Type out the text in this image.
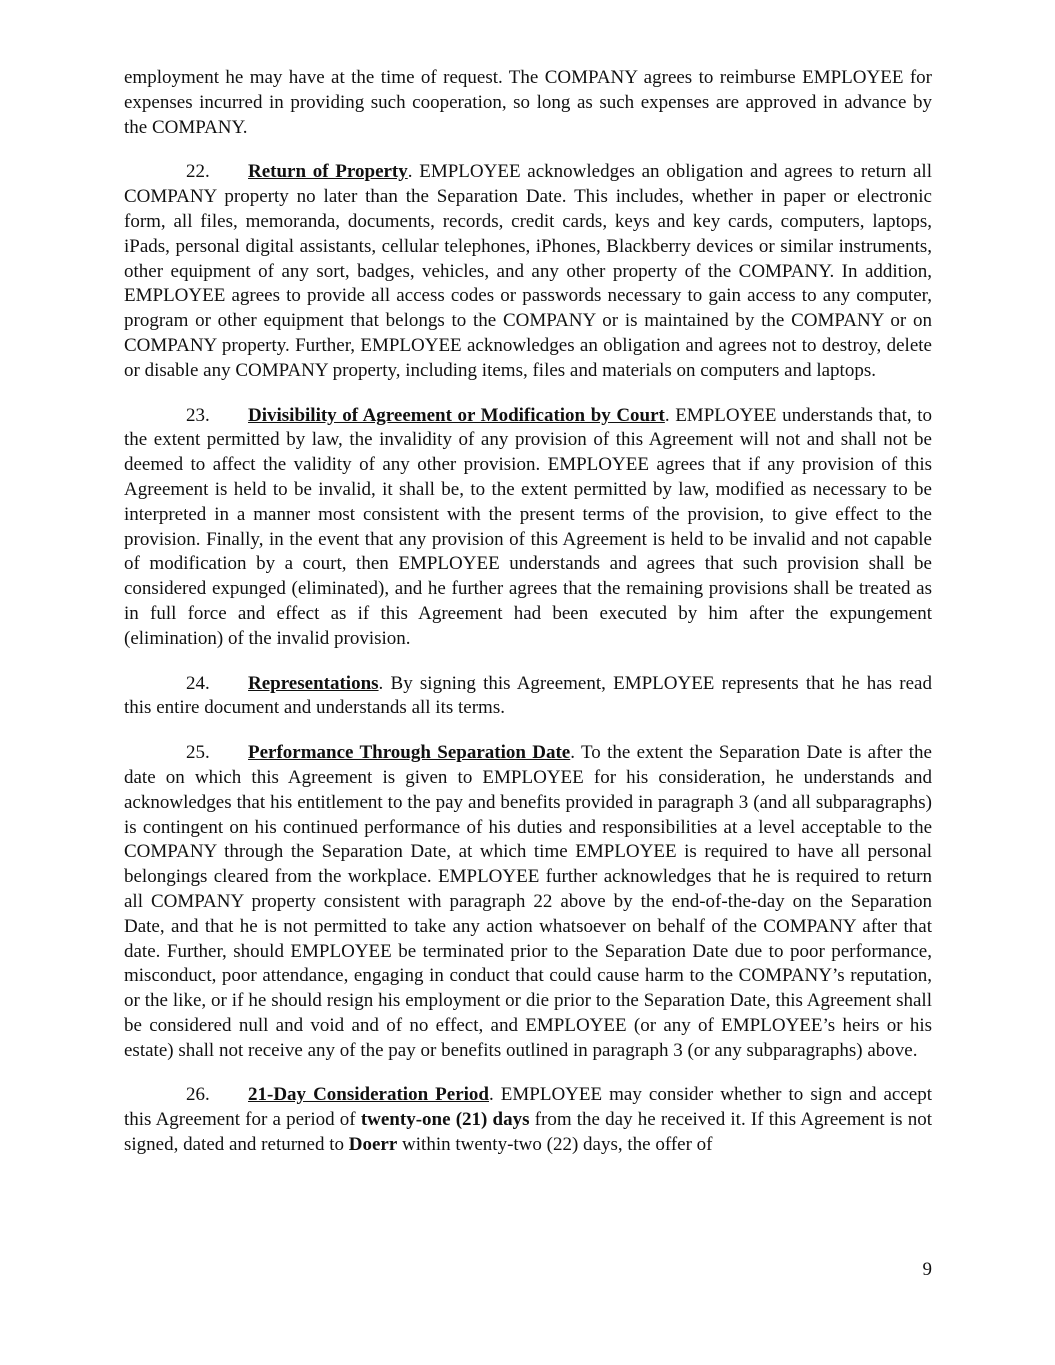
employment he may have at the time of request. The COMPANY agrees to reimburse EMPLOYEE for expenses incurred in providing such cooperation, so long as such expenses are approved in advance by the COMPANY.

22. Return of Property. EMPLOYEE acknowledges an obligation and agrees to return all COMPANY property no later than the Separation Date. This includes, whether in paper or electronic form, all files, memoranda, documents, records, credit cards, keys and key cards, computers, laptops, iPads, personal digital assistants, cellular telephones, iPhones, Blackberry devices or similar instruments, other equipment of any sort, badges, vehicles, and any other property of the COMPANY. In addition, EMPLOYEE agrees to provide all access codes or passwords necessary to gain access to any computer, program or other equipment that belongs to the COMPANY or is maintained by the COMPANY or on COMPANY property. Further, EMPLOYEE acknowledges an obligation and agrees not to destroy, delete or disable any COMPANY property, including items, files and materials on computers and laptops.

23. Divisibility of Agreement or Modification by Court. EMPLOYEE understands that, to the extent permitted by law, the invalidity of any provision of this Agreement will not and shall not be deemed to affect the validity of any other provision. EMPLOYEE agrees that if any provision of this Agreement is held to be invalid, it shall be, to the extent permitted by law, modified as necessary to be interpreted in a manner most consistent with the present terms of the provision, to give effect to the provision. Finally, in the event that any provision of this Agreement is held to be invalid and not capable of modification by a court, then EMPLOYEE understands and agrees that such provision shall be considered expunged (eliminated), and he further agrees that the remaining provisions shall be treated as in full force and effect as if this Agreement had been executed by him after the expungement (elimination) of the invalid provision.

24. Representations. By signing this Agreement, EMPLOYEE represents that he has read this entire document and understands all its terms.

25. Performance Through Separation Date. To the extent the Separation Date is after the date on which this Agreement is given to EMPLOYEE for his consideration, he understands and acknowledges that his entitlement to the pay and benefits provided in paragraph 3 (and all subparagraphs) is contingent on his continued performance of his duties and responsibilities at a level acceptable to the COMPANY through the Separation Date, at which time EMPLOYEE is required to have all personal belongings cleared from the workplace. EMPLOYEE further acknowledges that he is required to return all COMPANY property consistent with paragraph 22 above by the end-of-the-day on the Separation Date, and that he is not permitted to take any action whatsoever on behalf of the COMPANY after that date. Further, should EMPLOYEE be terminated prior to the Separation Date due to poor performance, misconduct, poor attendance, engaging in conduct that could cause harm to the COMPANY’s reputation, or the like, or if he should resign his employment or die prior to the Separation Date, this Agreement shall be considered null and void and of no effect, and EMPLOYEE (or any of EMPLOYEE’s heirs or his estate) shall not receive any of the pay or benefits outlined in paragraph 3 (or any subparagraphs) above.

26. 21-Day Consideration Period. EMPLOYEE may consider whether to sign and accept this Agreement for a period of twenty-one (21) days from the day he received it. If this Agreement is not signed, dated and returned to Doerr within twenty-two (22) days, the offer of

9
